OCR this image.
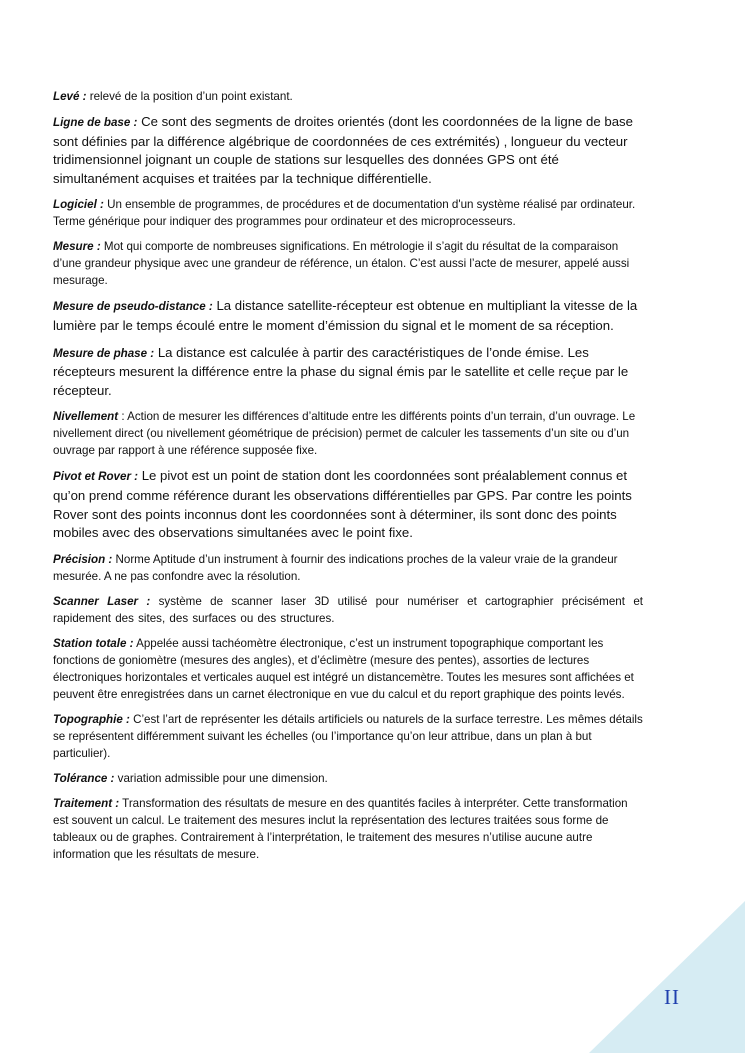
Levé : relevé de la position d’un point existant.

Ligne de base : Ce sont des segments de droites orientés (dont les coordonnées de la ligne de base sont définies par la différence algébrique de coordonnées de ces extrémités) , longueur du vecteur tridimensionnel joignant un couple de stations sur lesquelles des données GPS ont été simultanément acquises et traitées par la technique différentielle.

Logiciel : Un ensemble de programmes, de procédures et de documentation d'un système réalisé par ordinateur. Terme générique pour indiquer des programmes pour ordinateur et des microprocesseurs.

Mesure : Mot qui comporte de nombreuses significations. En métrologie il s’agit du résultat de la comparaison d’une grandeur physique avec une grandeur de référence, un étalon. C’est aussi l’acte de mesurer, appelé aussi mesurage.

Mesure de pseudo-distance : La distance satellite-récepteur est obtenue en multipliant la vitesse de la lumière par le temps écoulé entre le moment d’émission du signal et le moment de sa réception.

Mesure de phase : La distance est calculée à partir des caractéristiques de l’onde émise. Les récepteurs mesurent la différence entre la phase du signal émis par le satellite et celle reçue par le récepteur.

Nivellement : Action de mesurer les différences d’altitude entre les différents points d’un terrain, d’un ouvrage. Le nivellement direct (ou nivellement géométrique de précision) permet de calculer les tassements d’un site ou d’un ouvrage par rapport à une référence supposée fixe.

Pivot et Rover : Le pivot est un point de station dont les coordonnées sont préalablement connus et qu’on prend comme référence durant les observations différentielles par GPS. Par contre les points Rover sont des points inconnus dont les coordonnées sont à déterminer, ils sont donc des points mobiles avec des observations simultanées avec le point fixe.

Précision : Norme Aptitude d’un instrument à fournir des indications proches de la valeur vraie de la grandeur mesurée. A ne pas confondre avec la résolution.

Scanner Laser : système de scanner laser 3D utilisé pour numériser et cartographier précisément et rapidement des sites, des surfaces ou des structures.

Station totale : Appelée aussi tachéomètre électronique, c’est un instrument topographique comportant les fonctions de goniomètre (mesures des angles), et d’éclimètre (mesure des pentes), assorties de lectures électroniques horizontales et verticales auquel est intégré un distancemètre. Toutes les mesures sont affichées et peuvent être enregistrées dans un carnet électronique en vue du calcul et du report graphique des points levés.

Topographie : C’est l’art de représenter les détails artificiels ou naturels de la surface terrestre. Les mêmes détails se représentent différemment suivant les échelles (ou l’importance qu’on leur attribue, dans un plan à but particulier).

Tolérance : variation admissible pour une dimension.

Traitement : Transformation des résultats de mesure en des quantités faciles à interpréter. Cette transformation est souvent un calcul. Le traitement des mesures inclut la représentation des lectures traitées sous forme de tableaux ou de graphes. Contrairement à l’interprétation, le traitement des mesures n’utilise aucune autre information que les résultats de mesure.

II
